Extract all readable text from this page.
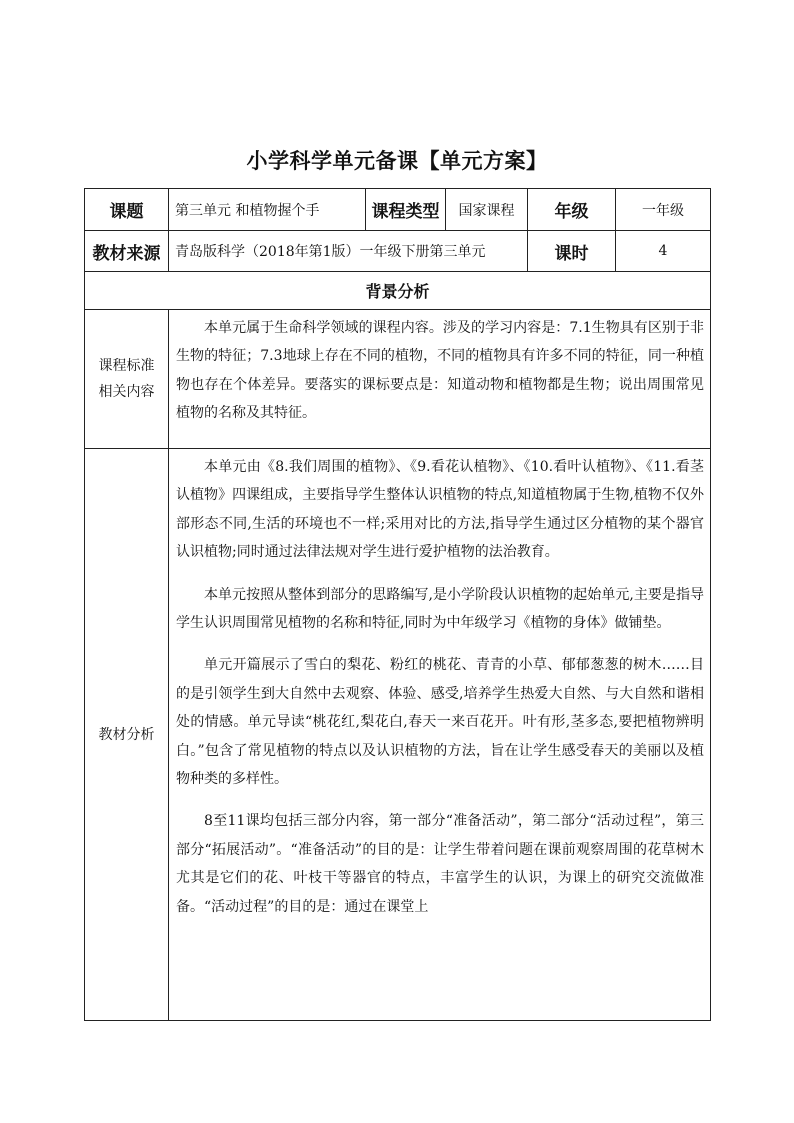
小学科学单元备课【单元方案】
课题	第三单元 和植物握个手	课程类型	国家课程	年级	一年级
教材来源	青岛版科学（2018年第1版）一年级下册第三单元			课时	4
背景分析					

课程标准
相关内容	本单元属于生命科学领域的课程内容。涉及的学习内容是：7.1生物具有区别于非生物的特征；7.3地球上存在不同的植物，不同的植物具有许多不同的特征，同一种植物也存在个体差异。要落实的课标要点是：知道动物和植物都是生物；说出周围常见植物的名称及其特征。				

教材分析	本单元由《8.我们周围的植物》、《9.看花认植物》、《10.看叶认植物》、《11.看茎认植物》四课组成，主要指导学生整体认识植物的特点,知道植物属于生物,植物不仅外部形态不同,生活的环境也不一样;采用对比的方法,指导学生通过区分植物的某个器官认识植物;同时通过法律法规对学生进行爱护植物的法治教育。

本单元按照从整体到部分的思路编写,是小学阶段认识植物的起始单元,主要是指导学生认识周围常见植物的名称和特征,同时为中年级学习《植物的身体》做铺垫。

单元开篇展示了雪白的梨花、粉红的桃花、青青的小草、郁郁葱葱的树木……目的是引领学生到大自然中去观察、体验、感受,培养学生热爱大自然、与大自然和谐相处的情感。单元导读“桃花红,梨花白,春天一来百花开。叶有形,茎多态,要把植物辨明白。”包含了常见植物的特点以及认识植物的方法，旨在让学生感受春天的美丽以及植物种类的多样性。

8至11课均包括三部分内容，第一部分“准备活动”，第二部分“活动过程”，第三部分“拓展活动”。“准备活动”的目的是：让学生带着问题在课前观察周围的花草树木尤其是它们的花、叶枝干等器官的特点，丰富学生的认识，为课上的研究交流做准备。“活动过程”的目的是：通过在课堂上				
